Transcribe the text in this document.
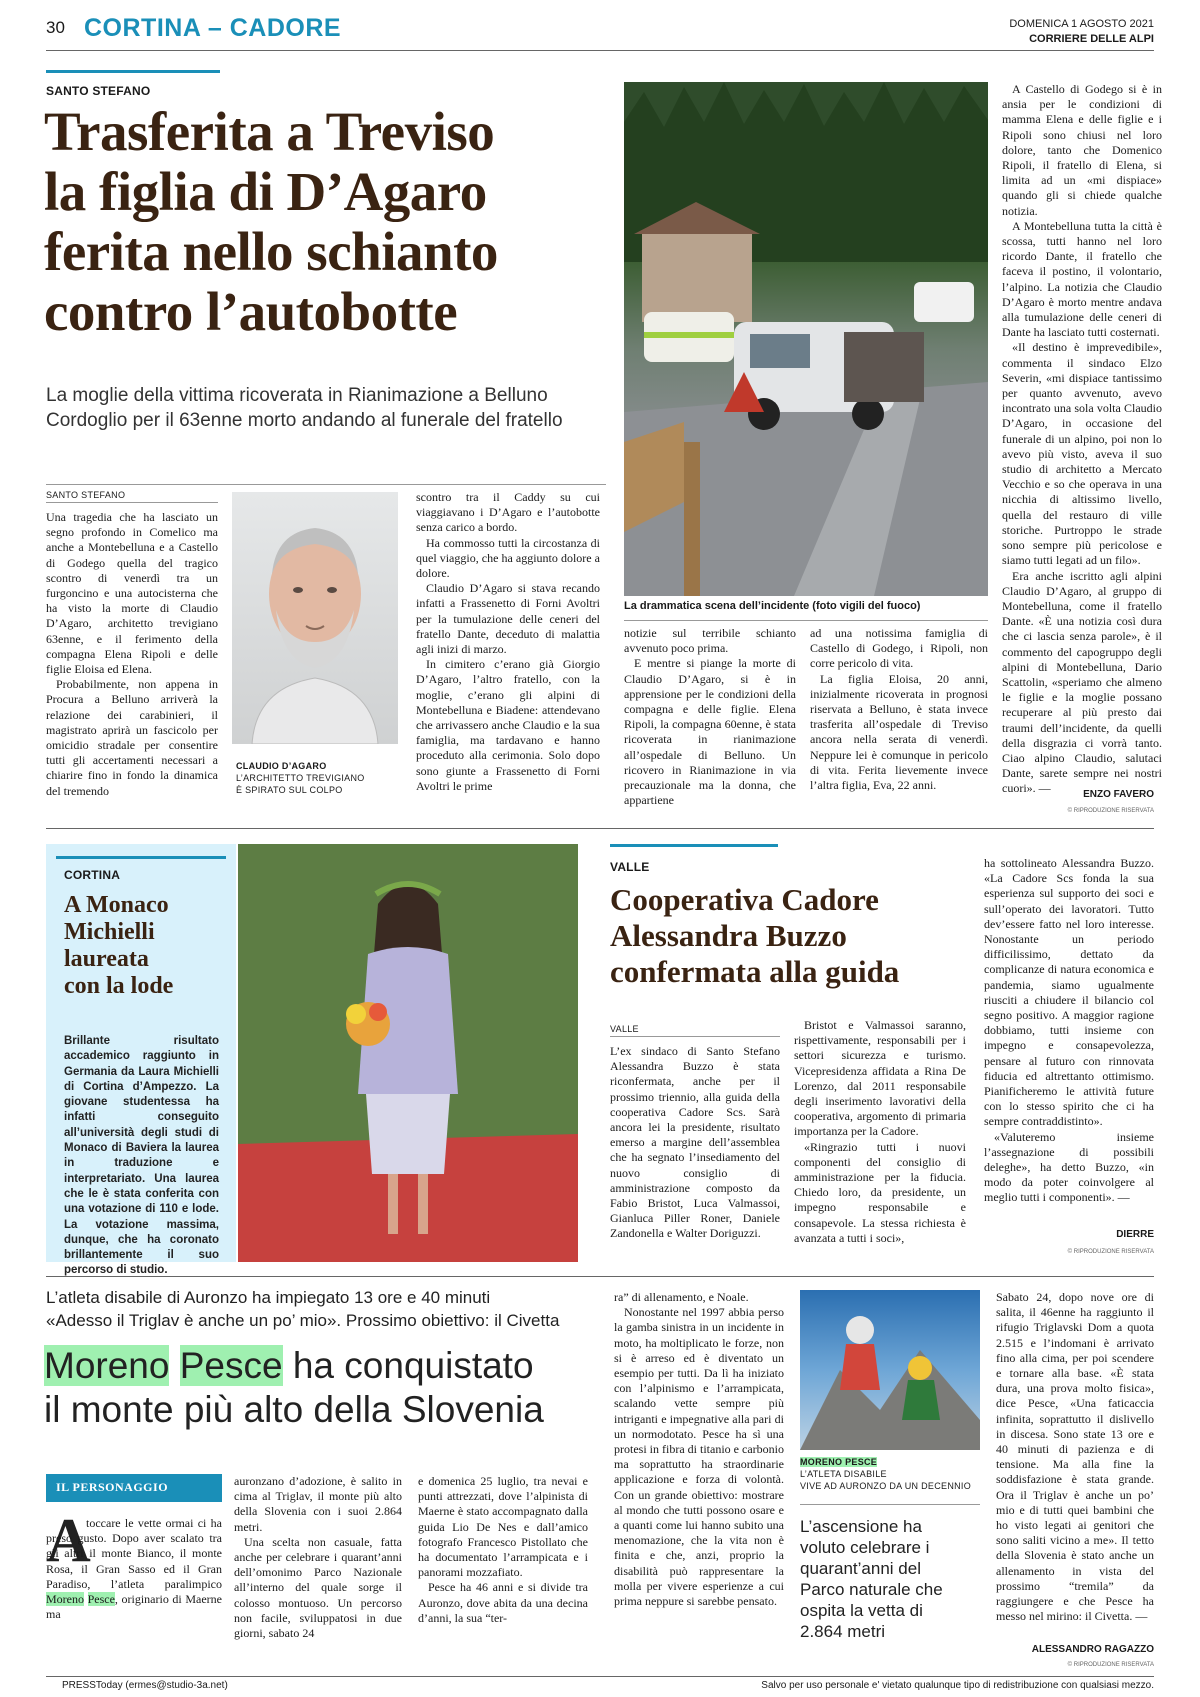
30 CORTINA – CADORE	DOMENICA 1 AGOSTO 2021
CORRIERE DELLE ALPI
SANTO STEFANO
Trasferita a Treviso
la figlia di D’Agaro
ferita nello schianto
contro l’autobotte
La moglie della vittima ricoverata in Rianimazione a Belluno
Cordoglio per il 63enne morto andando al funerale del fratello
SANTO STEFANO

Una tragedia che ha lasciato un segno profondo in Comelico ma anche a Montebelluna e a Castello di Godego quella del tragico scontro di venerdì tra un furgoncino e una autocisterna che ha visto la morte di Claudio D’Agaro, architetto trevigiano 63enne, e il ferimento della compagna Elena Ripoli e delle figlie Eloisa ed Elena.

Probabilmente, non appena in Procura a Belluno arriverà la relazione dei carabinieri, il magistrato aprirà un fascicolo per omicidio stradale per consentire tutti gli accertamenti necessari a chiarire fino in fondo la dinamica del tremendo

CLAUDIO D’AGARO
L’ARCHITETTO TREVIGIANO
È SPIRATO SUL COLPO

scontro tra il Caddy su cui viaggiavano i D’Agaro e l’autobotte senza carico a bordo.

Ha commosso tutti la circostanza di quel viaggio, che ha aggiunto dolore a dolore.

Claudio D’Agaro si stava recando infatti a Frassenetto di Forni Avoltri per la tumulazione delle ceneri del fratello Dante, deceduto di malattia agli inizi di marzo.

In cimitero c’erano già Giorgio D’Agaro, l’altro fratello, con la moglie, c’erano gli alpini di Montebelluna e Biadene: attendevano che arrivassero anche Claudio e la sua famiglia, ma tardavano e hanno proceduto alla cerimonia. Solo dopo sono giunte a Frassenetto di Forni Avoltri le prime

La drammatica scena dell’incidente (foto vigili del fuoco)

notizie sul terribile schianto avvenuto poco prima.

E mentre si piange la morte di Claudio D’Agaro, si è in apprensione per le condizioni della compagna e delle figlie. Elena Ripoli, la compagna 60enne, è stata ricoverata in rianimazione all’ospedale di Belluno. Un ricovero in Rianimazione in via precauzionale ma la donna, che appartiene

ad una notissima famiglia di Castello di Godego, i Ripoli, non corre pericolo di vita.

La figlia Eloisa, 20 anni, inizialmente ricoverata in prognosi riservata a Belluno, è stata invece trasferita all’ospedale di Treviso ancora nella serata di venerdì. Neppure lei è comunque in pericolo di vita. Ferita lievemente invece l’altra figlia, Eva, 22 anni.

A Castello di Godego si è in ansia per le condizioni di mamma Elena e delle figlie e i Ripoli sono chiusi nel loro dolore, tanto che Domenico Ripoli, il fratello di Elena, si limita ad un «mi dispiace» quando gli si chiede qualche notizia.

A Montebelluna tutta la città è scossa, tutti hanno nel loro ricordo Dante, il fratello che faceva il postino, il volontario, l’alpino. La notizia che Claudio D’Agaro è morto mentre andava alla tumulazione delle ceneri di Dante ha lasciato tutti costernati.

«Il destino è imprevedibile», commenta il sindaco Elzo Severin, «mi dispiace tantissimo per quanto avvenuto, avevo incontrato una sola volta Claudio D’Agaro, in occasione del funerale di un alpino, poi non lo avevo più visto, aveva il suo studio di architetto a Mercato Vecchio e so che operava in una nicchia di altissimo livello, quella del restauro di ville storiche. Purtroppo le strade sono sempre più pericolose e siamo tutti legati ad un filo».

Era anche iscritto agli alpini Claudio D’Agaro, al gruppo di Montebelluna, come il fratello Dante. «È una notizia così dura che ci lascia senza parole», è il commento del capogruppo degli alpini di Montebelluna, Dario Scattolin, «speriamo che almeno le figlie e la moglie possano recuperare al più presto dai traumi dell’incidente, da quelli della disgrazia ci vorrà tanto. Ciao alpino Claudio, salutaci Dante, sarete sempre nei nostri cuori». —	ENZO FAVERO
© RIPRODUZIONE RISERVATA
CORTINA
A Monaco
Michielli
laureata
con la lode
Brillante risultato accademico raggiunto in Germania da Laura Michielli di Cortina d’Ampezzo. La giovane studentessa ha infatti conseguito all’università degli studi di Monaco di Baviera la laurea in traduzione e interpretariato. Una laurea che le è stata conferita con una votazione di 110 e lode. La votazione massima, dunque, che ha coronato brillantemente il suo percorso di studio.
VALLE
Cooperativa Cadore
Alessandra Buzzo
confermata alla guida
VALLE

L’ex sindaco di Santo Stefano Alessandra Buzzo è stata riconfermata, anche per il prossimo triennio, alla guida della cooperativa Cadore Scs. Sarà ancora lei la presidente, risultato emerso a margine dell’assemblea che ha segnato l’insediamento del nuovo consiglio di amministrazione composto da Fabio Bristot, Luca Valmassoi, Gianluca Piller Roner, Daniele Zandonella e Walter Doriguzzi.

Bristot e Valmassoi saranno, rispettivamente, responsabili per i settori sicurezza e turismo. Vicepresidenza affidata a Rina De Lorenzo, dal 2011 responsabile degli inserimento lavorativi della cooperativa, argomento di primaria importanza per la Cadore.

«Ringrazio tutti i nuovi componenti del consiglio di amministrazione per la fiducia. Chiedo loro, da presidente, un impegno responsabile e consapevole. La stessa richiesta è avanzata a tutti i soci»,

ha sottolineato Alessandra Buzzo. «La Cadore Scs fonda la sua esperienza sul supporto dei soci e sull’operato dei lavoratori. Tutto dev’essere fatto nel loro interesse. Nonostante un periodo difficilissimo, dettato da complicanze di natura economica e pandemia, siamo ugualmente riusciti a chiudere il bilancio col segno positivo. A maggior ragione dobbiamo, tutti insieme con impegno e consapevolezza, pensare al futuro con rinnovata fiducia ed altrettanto ottimismo. Pianificheremo le attività future con lo stesso spirito che ci ha sempre contraddistinto».

«Valuteremo insieme l’assegnazione di possibili deleghe», ha detto Buzzo, «in modo da poter coinvolgere al meglio tutti i componenti». —

DIERRE
© RIPRODUZIONE RISERVATA
L’atleta disabile di Auronzo ha impiegato 13 ore e 40 minuti
«Adesso il Triglav è anche un po’ mio». Prossimo obiettivo: il Civetta
Moreno Pesce ha conquistato
il monte più alto della Slovenia
IL PERSONAGGIO
A
toccare le vette ormai ci ha preso gusto. Dopo aver scalato tra gli altri il monte Bianco, il monte Rosa, il Gran Sasso ed il Gran Paradiso, l’atleta paralimpico Moreno Pesce, originario di Maerne ma

auronzano d’adozione, è salito in cima al Triglav, il monte più alto della Slovenia con i suoi 2.864 metri.

Una scelta non casuale, fatta anche per celebrare i quarant’anni dell’omonimo Parco Nazionale all’interno del quale sorge il colosso montuoso. Un percorso non facile, sviluppatosi in due giorni, sabato 24

e domenica 25 luglio, tra nevai e punti attrezzati, dove l’alpinista di Maerne è stato accompagnato dalla guida Lio De Nes e dall’amico fotografo Francesco Pistollato che ha documentato l’arrampicata e i panorami mozzafiato.

Pesce ha 46 anni e si divide tra Auronzo, dove abita da una decina d’anni, la sua “ter-

ra” di allenamento, e Noale.

Nonostante nel 1997 abbia perso la gamba sinistra in un incidente in moto, ha moltiplicato le forze, non si è arreso ed è diventato un esempio per tutti. Da lì ha iniziato con l’alpinismo e l’arrampicata, scalando vette sempre più intriganti e impegnative alla pari di un normodotato. Pesce ha sì una protesi in fibra di titanio e carbonio ma soprattutto ha straordinarie applicazione e forza di volontà. Con un grande obiettivo: mostrare al mondo che tutti possono osare e a quanti come lui hanno subito una menomazione, che la vita non è finita e che, anzi, proprio la disabilità può rappresentare la molla per vivere esperienze a cui prima neppure si sarebbe pensato.

MORENO PESCE
L’ATLETA DISABILE
VIVE AD AURONZO DA UN DECENNIO
L’ascensione ha voluto celebrare i quarant’anni del Parco naturale che ospita la vetta di 2.864 metri

Sabato 24, dopo nove ore di salita, il 46enne ha raggiunto il rifugio Triglavski Dom a quota 2.515 e l’indomani è arrivato fino alla cima, per poi scendere e tornare alla base. «È stata dura, una prova molto fisica», dice Pesce, «Una faticaccia infinita, soprattutto il dislivello in discesa. Sono state 13 ore e 40 minuti di pazienza e di tensione. Ma alla fine la soddisfazione è stata grande. Ora il Triglav è anche un po’ mio e di tutti quei bambini che ho visto legati ai genitori che sono saliti vicino a me». Il tetto della Slovenia è stato anche un allenamento in vista del prossimo “tremila” da raggiungere e che Pesce ha messo nel mirino: il Civetta. —

ALESSANDRO RAGAZZO
© RIPRODUZIONE RISERVATA
PRESSToday (ermes@studio-3a.net)	Salvo per uso personale e' vietato qualunque tipo di redistribuzione con qualsiasi mezzo.
